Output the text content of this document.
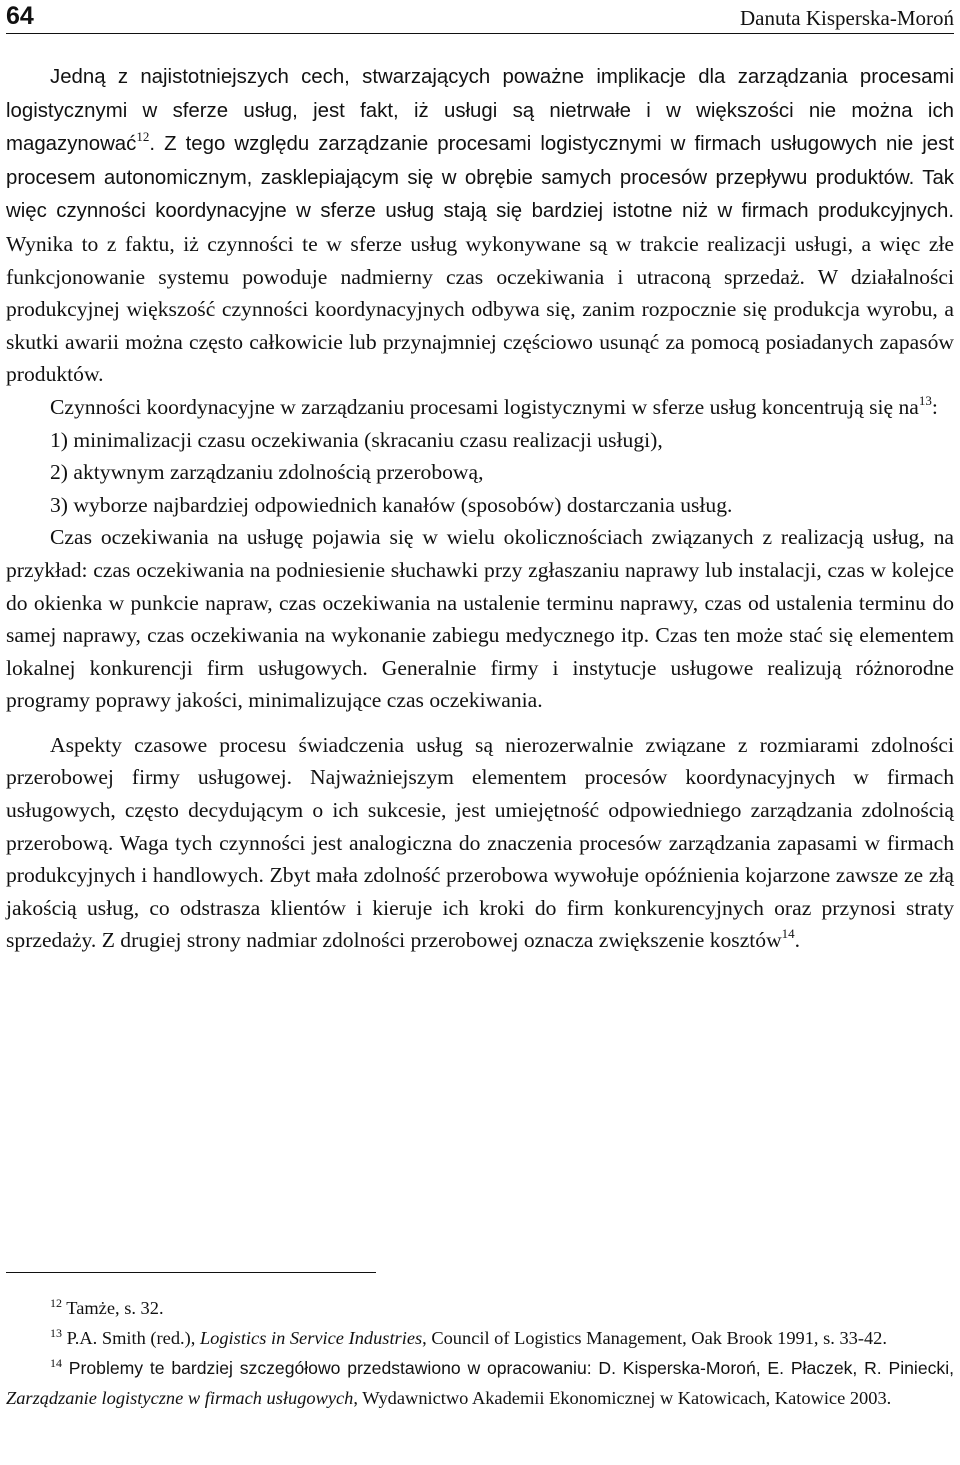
64	Danuta Kisperska-Moroń

Jedną z najistotniejszych cech, stwarzających poważne implikacje dla zarządzania procesami logistycznymi w sferze usług, jest fakt, iż usługi są nietrwałe i w większości nie można ich magazynować$^{12}$. Z tego względu zarządzanie procesami logistycznymi w firmach usługowych nie jest procesem autonomicznym, zasklepiającym się w obrębie samych procesów przepływu produktów. Tak więc czynności koordynacyjne w sferze usług stają się bardziej istotne niż w firmach produkcyjnych. Wynika to z faktu, iż czynności te w sferze usług wykonywane są w trakcie realizacji usługi, a więc złe funkcjonowanie systemu powoduje nadmierny czas oczekiwania i utraconą sprzedaż. W działalności produkcyjnej większość czynności koordynacyjnych odbywa się, zanim rozpocznie się produkcja wyrobu, a skutki awarii można często całkowicie lub przynajmniej częściowo usunąć za pomocą posiadanych zapasów produktów.

Czynności koordynacyjne w zarządzaniu procesami logistycznymi w sferze usług koncentrują się $na^{13}$:

1) minimalizacji czasu oczekiwania (skracaniu czasu realizacji usługi),

2) aktywnym zarządzaniu zdolnością przerobową,

3) wyborze najbardziej odpowiednich kanałów (sposobów) dostarczania usług.

Czas oczekiwania na usługę pojawia się w wielu okolicznościach związanych z realizacją usług, na przykład: czas oczekiwania na podniesienie słuchawki przy zgłaszaniu naprawy lub instalacji, czas w kolejce do okienka w punkcie napraw, czas oczekiwania na ustalenie terminu naprawy, czas od ustalenia terminu do samej naprawy, czas oczekiwania na wykonanie zabiegu medycznego itp. Czas ten może stać się elementem lokalnej konkurencji firm usługowych. Generalnie firmy i instytucje usługowe realizują różnorodne programy poprawy jakości, minimalizujące czas oczekiwania.

Aspekty czasowe procesu świadczenia usług są nierozerwalnie związane z rozmiarami zdolności przerobowej firmy usługowej. Najważniejszym elementem procesów koordynacyjnych w firmach usługowych, często decydującym o ich sukcesie, jest umiejętność odpowiedniego zarządzania zdolnością przerobową. Waga tych czynności jest analogiczna do znaczenia procesów zarządzania zapasami w firmach produkcyjnych i handlowych. Zbyt mała zdolność przerobowa wywołuje opóźnienia kojarzone zawsze ze złą jakością usług, co odstrasza klientów i kieruje ich kroki do firm konkurencyjnych oraz przynosi straty sprzedaży. Z drugiej strony nadmiar zdolności przerobowej oznacza zwiększenie kosztów$^{14}$.

$^{12}$ Tamże, s. 32.

$^{13}$ P.A. Smith (red.), Logistics in Service Industries, Council of Logistics Management, Oak Brook 1991, s. 33-42.

$^{14}$ Problemy te bardziej szczegółowo przedstawiono w opracowaniu: D. Kisperska-Moroń, E. Płaczek, R. Piniecki, Zarządzanie logistyczne w firmach usługowych, Wydawnictwo Akademii Ekonomicznej w Katowicach, Katowice 2003.
